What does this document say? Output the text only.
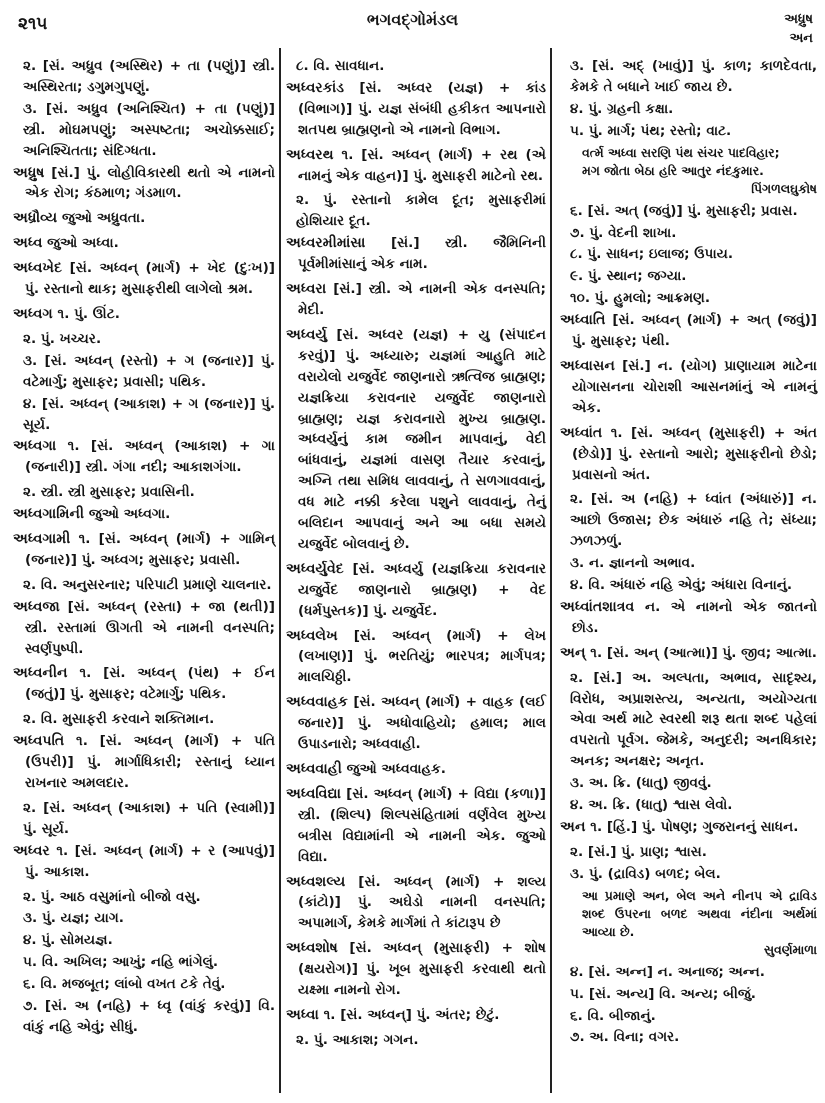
૨૧૫	ભગવદ્ગોમંડલ	અધ્રુષ
અન
૨. [સં. અધ્રુવ (અસ્થિર) + તા (પણું)] સ્ત્રી. અસ્થિરતા; ડગુમગુપણું.
૩. [સં. અધ્રુવ (અનિશ્ચિત) + તા (પણું)] સ્ત્રી. મોઘમપણું; અસ્પષ્ટતા; અચોક્કસાઈ; અનિશ્ચિતતા; સંદિગ્ધતા.
અધ્રુષ [સં.] પું. લોહીવિકારથી થતો એ નામનો એક રોગ; કંઠમાળ; ગંડમાળ.
અધ્રૌવ્ય જુઓ અધ્રુવતા.
અધ્વ જુઓ અધ્વા.
અધ્વખેદ [સં. અધ્વન્ (માર્ગ) + ખેદ (દુઃખ)] પું. રસ્તાનો થાક; મુસાફરીથી લાગેલો શ્રમ.
અધ્વગ ૧. પું. ઊંટ.
૨. પું. ખચ્ચર.
૩. [સં. અધ્વન્ (રસ્તો) + ગ (જનાર)] પું. વટેમાર્ગુ; મુસાફર; પ્રવાસી; પથિક.
૪. [સં. અધ્વન્ (આકાશ) + ગ (જનાર)] પું. સૂર્ય.
અધ્વગા ૧. [સં. અધ્વન્ (આકાશ) + ગા (જનારી)] સ્ત્રી. ગંગા નદી; આકાશગંગા.
૨. સ્ત્રી. સ્ત્રી મુસાફર; પ્રવાસિની.
અધ્વગામિની જુઓ અધ્વગા.
અધ્વગામી ૧. [સં. અધ્વન્ (માર્ગ) + ગામિન્ (જનાર)] પું. અધ્વગ; મુસાફર; પ્રવાસી.
૨. વિ. અનુસરનાર; પરિપાટી પ્રમાણે ચાલનાર.
અધ્વજા [સં. અધ્વન્ (રસ્તા) + જા (થતી)] સ્ત્રી. રસ્તામાં ઊગતી એ નામની વનસ્પતિ; સ્વર્ણપુષ્પી.
અધ્વનીન ૧. [સં. અધ્વન્ (પંથ) + ઈન (જતું)] પું. મુસાફર; વટેમાર્ગુ; પથિક.
૨. વિ. મુસાફરી કરવાને શક્તિમાન.
અધ્વપતિ ૧. [સં. અધ્વન્ (માર્ગ) + પતિ (ઉપરી)] પું. માર્ગાધિકારી; રસ્તાનું ધ્યાન રાખનાર અમલદાર.
૨. [સં. અધ્વન્ (આકાશ) + પતિ (સ્વામી)] પું. સૂર્ય.
અધ્વર ૧. [સં. અધ્વન્ (માર્ગ) + ર (આપવું)] પું. આકાશ.
૨. પું. આઠ વસુમાંનો બીજો વસુ.
૩. પું. યજ્ઞ; યાગ.
૪. પું. સોમયજ્ઞ.
૫. વિ. અખિલ; આખું; નહિ ભાંગેલું.
૬. વિ. મજબૂત; લાંબો વખત ટકે તેવું.
૭. [સં. અ (નહિ) + ધ્વૃ (વાંકું કરવું)] વિ. વાંકું નહિ એવું; સીધું.
૮. વિ. સાવધાન.
અધ્વરકાંડ [સં. અધ્વર (યજ્ઞ) + કાંડ (વિભાગ)] પું. યજ્ઞ સંબંધી હકીકત આપનારો શતપથ બ્રાહ્મણનો એ નામનો વિભાગ.
અધ્વરથ ૧. [સં. અધ્વન્ (માર્ગ) + રથ (એ નામનું એક વાહન)] પું. મુસાફરી માટેનો રથ.
૨. પું. રસ્તાનો કામેલ દૂત; મુસાફરીમાં હોશિયાર દૂત.
અધ્વરમીમાંસા [સં.] સ્ત્રી. જૈમિનિની પૂર્વમીમાંસાનું એક નામ.
અધ્વરા [સં.] સ્ત્રી. એ નામની એક વનસ્પતિ; મેદી.
અધ્વર્યુ [સં. અધ્વર (યજ્ઞ) + યુ (સંપાદન કરવું)] પું. અધ્યારુ; યજ્ઞમાં આહુતિ માટે વરાયેલો યજુર્વેદ જાણનારો ઋત્વિજ બ્રાહ્મણ; યજ્ઞક્રિયા કરાવનાર યજુર્વેદ જાણનારો બ્રાહ્મણ; યજ્ઞ કરાવનારો મુખ્ય બ્રાહ્મણ. અધ્વર્યુનું કામ જમીન માપવાનું, વેદી બાંધવાનું, યજ્ઞમાં વાસણ તૈયાર કરવાનું, અગ્નિ તથા સમિધ લાવવાનું, તે સળગાવવાનું, વધ માટે નક્કી કરેલા પશુને લાવવાનું, તેનું બલિદાન આપવાનું અને આ બધા સમયે યજુર્વેદ બોલવાનું છે.
અધ્વર્યુવેદ [સં. અધ્વર્યુ (યજ્ઞક્રિયા કરાવનાર યજુર્વેદ જાણનારો બ્રાહ્મણ) + વેદ (ધર્મપુસ્તક)] પું. યજુર્વેદ.
અધ્વલેખ [સં. અધ્વન્ (માર્ગ) + લેખ (લખાણ)] પું. ભરતિયું; ભારપત્ર; માર્ગપત્ર; માલચિઠ્ઠી.
અધ્વવાહક [સં. અધ્વન્ (માર્ગ) + વાહક (લઈ જનાર)] પું. અધોવાહિયો; હમાલ; માલ ઉપાડનારો; અધ્વવાહી.
અધ્વવાહી જુઓ અધ્વવાહક.
અધ્વવિદ્યા [સં. અધ્વન્ (માર્ગ) + વિદ્યા (કળા)] સ્ત્રી. (શિલ્પ) શિલ્પસંહિતામાં વર્ણવેલ મુખ્ય બત્રીસ વિદ્યામાંની એ નામની એક. જુઓ વિદ્યા.
અધ્વશલ્ય [સં. અધ્વન્ (માર્ગ) + શલ્ય (કાંટો)] પું. અઘેડો નામની વનસ્પતિ; અપામાર્ગ, કેમકે માર્ગમાં તે કાંટારૂપ છે
અધ્વશોષ [સં. અધ્વન્ (મુસાફરી) + શોષ (ક્ષયરોગ)] પું. ખૂબ મુસાફરી કરવાથી થતો યક્ષ્મા નામનો રોગ.
અધ્વા ૧. [સં. અધ્વન્] પું. અંતર; છેટું.
૨. પું. આકાશ; ગગન.
૩. [સં. અદ્ (ખાવું)] પું. કાળ; કાળદેવતા, કેમકે તે બધાને ખાઈ જાય છે.
૪. પું. ગ્રહની કક્ષા.
૫. પું. માર્ગ; પંથ; રસ્તો; વાટ.
વર્ત્મ અધ્વા સરણિ પંથ સંચર પાદવિહાર;
મગ જોતા બેઠા હરિ આતુર નંદકુમાર.
પિંગળલઘુકોષ
૬. [સં. અત્ (જવું)] પું. મુસાફરી; પ્રવાસ.
૭. પું. વેદની શાખા.
૮. પું. સાધન; ઇલાજ; ઉપાય.
૯. પું. સ્થાન; જગ્યા.
૧૦. પું. હુમલો; આક્રમણ.
અધ્વાતિ [સં. અધ્વન્ (માર્ગ) + અત્ (જવું)] પું. મુસાફર; પંથી.
અધ્વાસન [સં.] ન. (યોગ) પ્રાણાયામ માટેના યોગાસનના ચોરાશી આસનમાંનું એ નામનું એક.
અધ્વાંત ૧. [સં. અધ્વન્ (મુસાફરી) + અંત (છેડો)] પું. રસ્તાનો આરો; મુસાફરીનો છેડો; પ્રવાસનો અંત.
૨. [સં. અ (નહિ) + ધ્વાંત (અંધારું)] ન. આછો ઉજાસ; છેક અંધારું નહિ તે; સંધ્યા; ઝળઝળું.
૩. ન. જ્ઞાનનો અભાવ.
૪. વિ. અંધારું નહિ એવું; અંધારા વિનાનું.
અધ્વાંતશાત્રવ ન. એ નામનો એક જાતનો છોડ.
અન્ ૧. [સં. અન્ (આત્મા)] પું. જીવ; આત્મા.
૨. [સં.] અ. અલ્પતા, અભાવ, સાદૃશ્ય, વિરોધ, અપ્રાશસ્ત્ય, અન્યતા, અયોગ્યતા એવા અર્થ માટે સ્વરથી શરૂ થતા શબ્દ પહેલાં વપરાતો પૂર્વગ. જેમકે, અનુદરી; અનધિકાર; અનક; અનક્ષર; અનૃત.
૩. અ. ક્રિ. (ધાતુ) જીવવું.
૪. અ. ક્રિ. (ધાતુ) શ્વાસ લેવો.
અન ૧. [હિં.] પું. પોષણ; ગુજરાનનું સાધન.
૨. [સં.] પું. પ્રાણ; શ્વાસ.
૩. પું. (દ્રાવિડ) બળદ; બેલ.
આ પ્રમાણે અન, બેલ અને નીનપ એ દ્રાવિડ શબ્દ ઉપરના બળદ અથવા નંદીના અર્થમાં આવ્યા છે.
સુવર્ણમાળા
૪. [સં. અન્ન] ન. અનાજ; અન્ન.
૫. [સં. અન્ય] વિ. અન્ય; બીજું.
૬. વિ. બીજાનું.
૭. અ. વિના; વગર.
